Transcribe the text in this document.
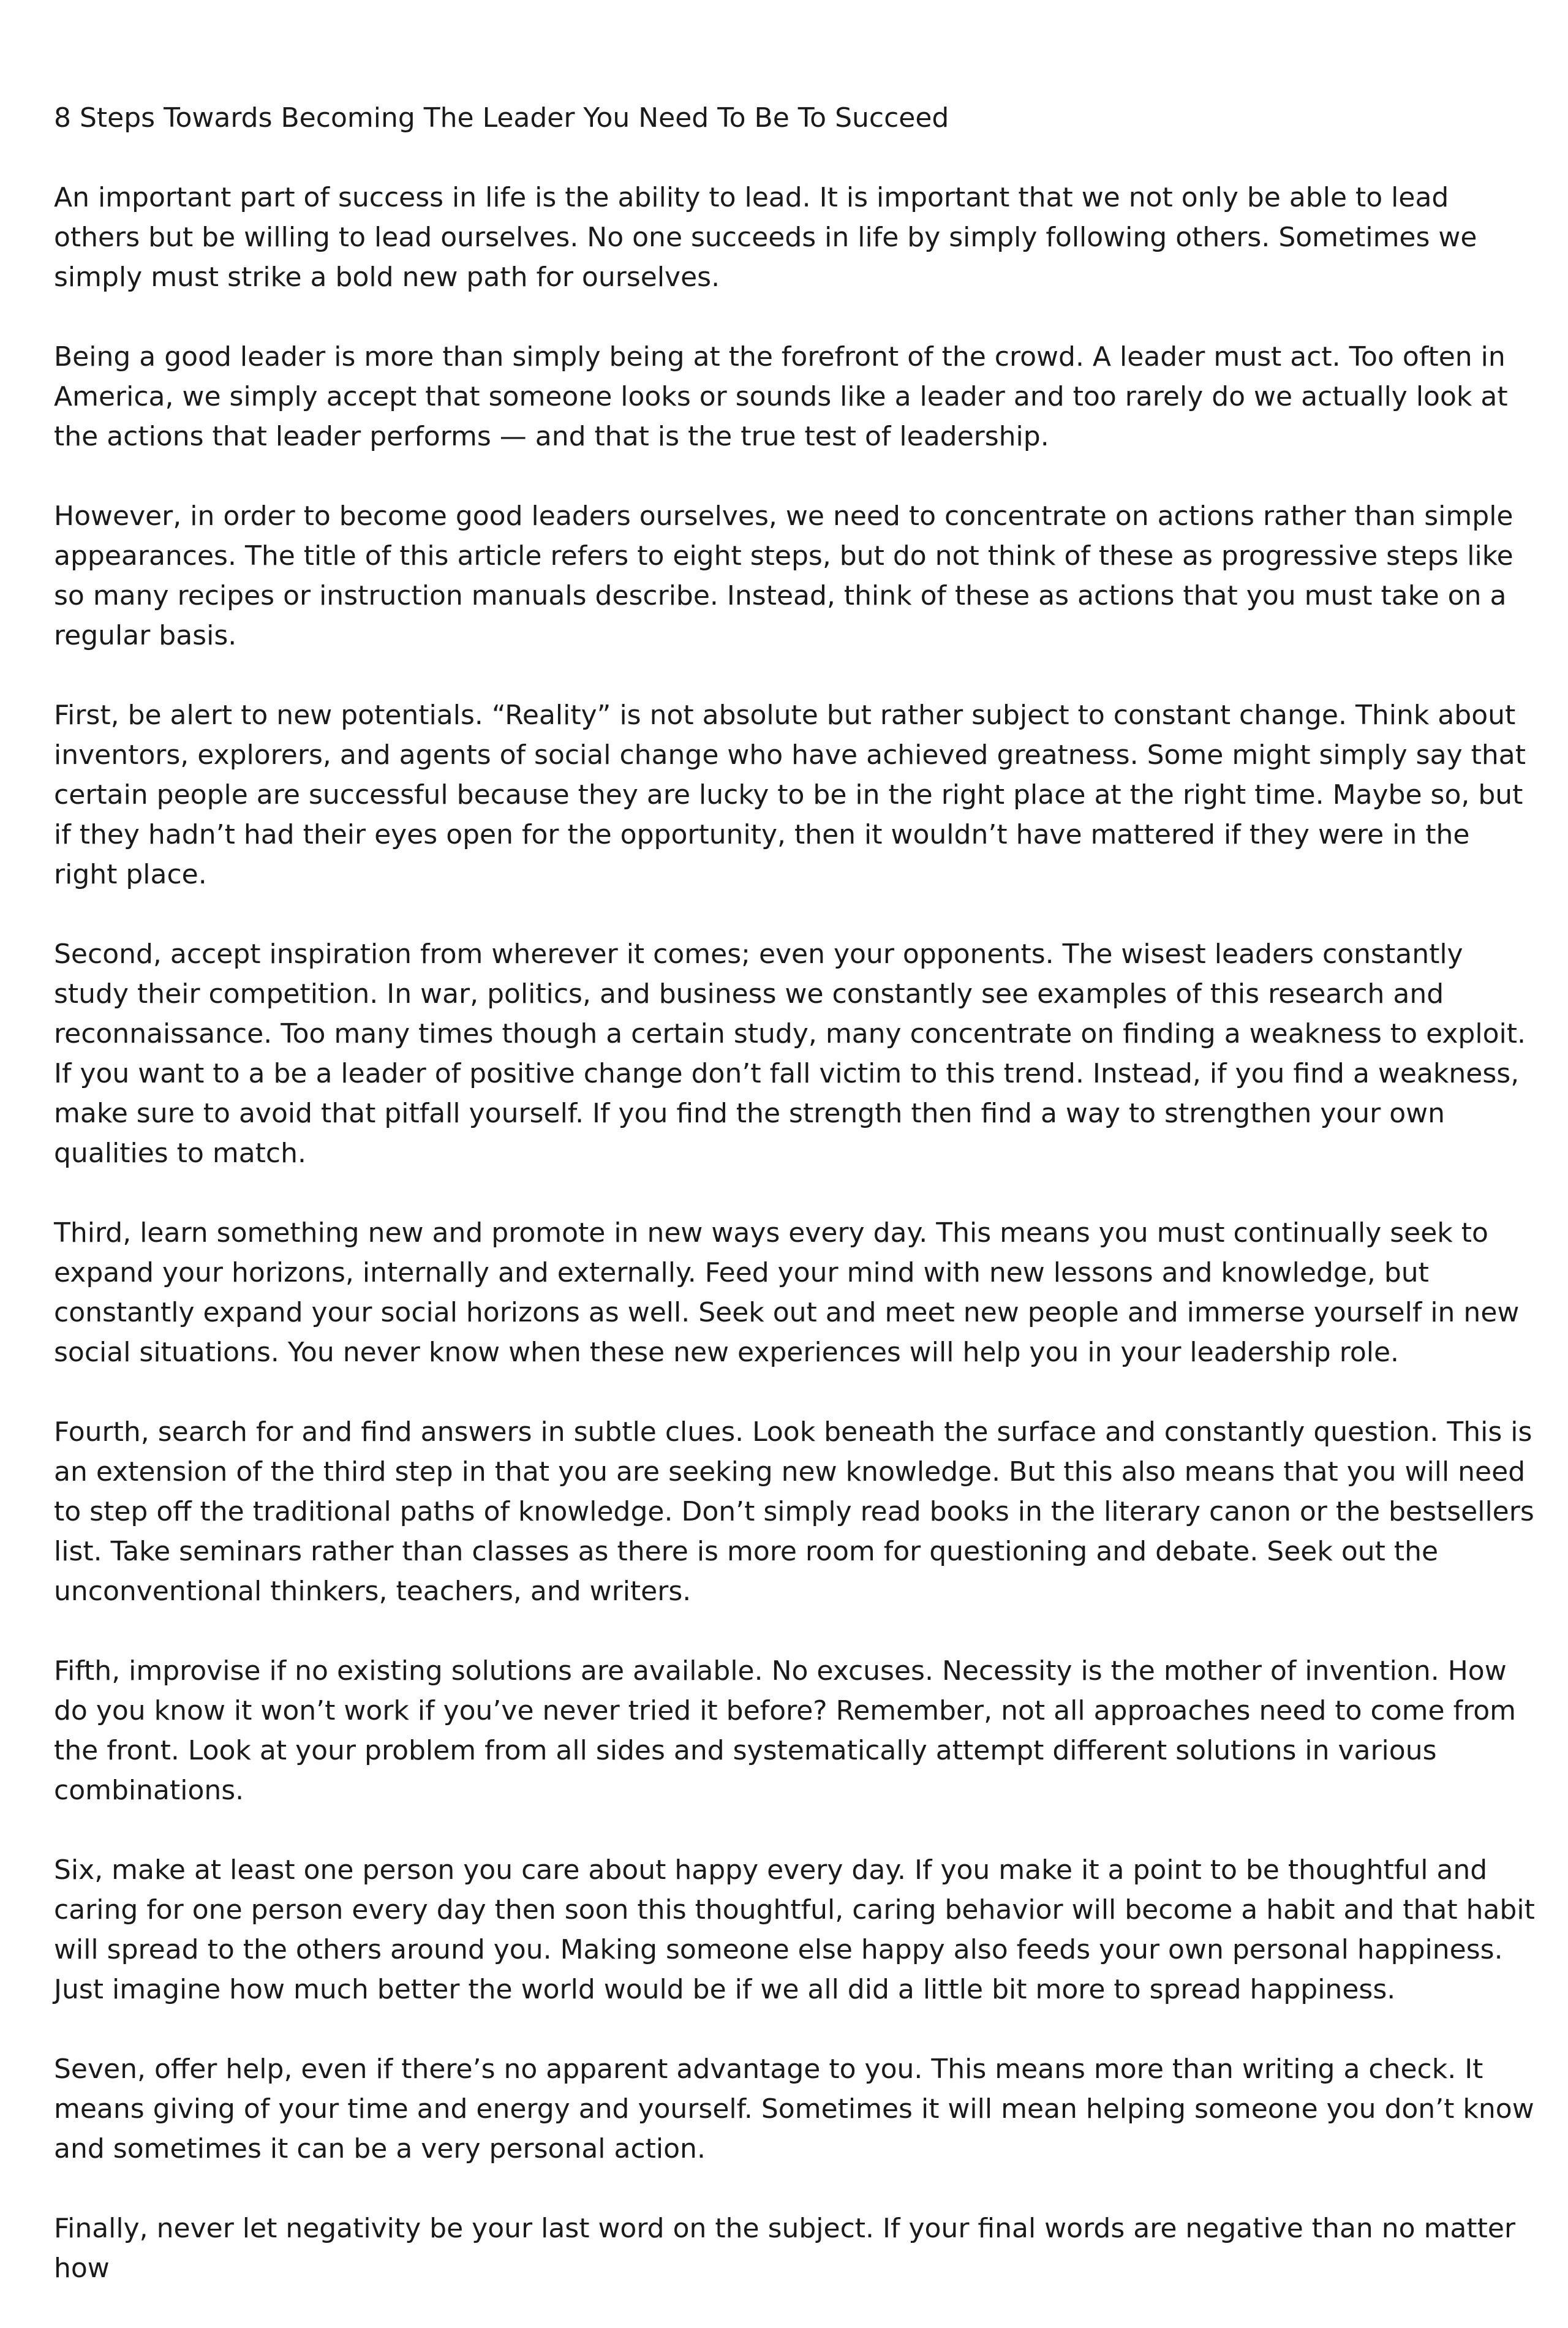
8 Steps Towards Becoming The Leader You Need To Be To Succeed

An important part of success in life is the ability to lead. It is important that we not only be able to lead others but be willing to lead ourselves. No one succeeds in life by simply following others. Sometimes we simply must strike a bold new path for ourselves.

Being a good leader is more than simply being at the forefront of the crowd. A leader must act. Too often in America, we simply accept that someone looks or sounds like a leader and too rarely do we actually look at the actions that leader performs — and that is the true test of leadership.

However, in order to become good leaders ourselves, we need to concentrate on actions rather than simple appearances. The title of this article refers to eight steps, but do not think of these as progressive steps like so many recipes or instruction manuals describe. Instead, think of these as actions that you must take on a regular basis.

First, be alert to new potentials. “Reality” is not absolute but rather subject to constant change. Think about inventors, explorers, and agents of social change who have achieved greatness. Some might simply say that certain people are successful because they are lucky to be in the right place at the right time. Maybe so, but if they hadn’t had their eyes open for the opportunity, then it wouldn’t have mattered if they were in the right place.

Second, accept inspiration from wherever it comes; even your opponents. The wisest leaders constantly study their competition. In war, politics, and business we constantly see examples of this research and reconnaissance. Too many times though a certain study, many concentrate on finding a weakness to exploit. If you want to a be a leader of positive change don’t fall victim to this trend. Instead, if you find a weakness, make sure to avoid that pitfall yourself. If you find the strength then find a way to strengthen your own qualities to match.

Third, learn something new and promote in new ways every day. This means you must continually seek to expand your horizons, internally and externally. Feed your mind with new lessons and knowledge, but constantly expand your social horizons as well. Seek out and meet new people and immerse yourself in new social situations. You never know when these new experiences will help you in your leadership role.

Fourth, search for and find answers in subtle clues. Look beneath the surface and constantly question. This is an extension of the third step in that you are seeking new knowledge. But this also means that you will need to step off the traditional paths of knowledge. Don’t simply read books in the literary canon or the bestsellers list. Take seminars rather than classes as there is more room for questioning and debate. Seek out the unconventional thinkers, teachers, and writers.

Fifth, improvise if no existing solutions are available. No excuses. Necessity is the mother of invention. How do you know it won’t work if you’ve never tried it before? Remember, not all approaches need to come from the front. Look at your problem from all sides and systematically attempt different solutions in various combinations.

Six, make at least one person you care about happy every day. If you make it a point to be thoughtful and caring for one person every day then soon this thoughtful, caring behavior will become a habit and that habit will spread to the others around you. Making someone else happy also feeds your own personal happiness. Just imagine how much better the world would be if we all did a little bit more to spread happiness.

Seven, offer help, even if there’s no apparent advantage to you. This means more than writing a check. It means giving of your time and energy and yourself. Sometimes it will mean helping someone you don’t know and sometimes it can be a very personal action.

Finally, never let negativity be your last word on the subject. If your final words are negative than no matter how
